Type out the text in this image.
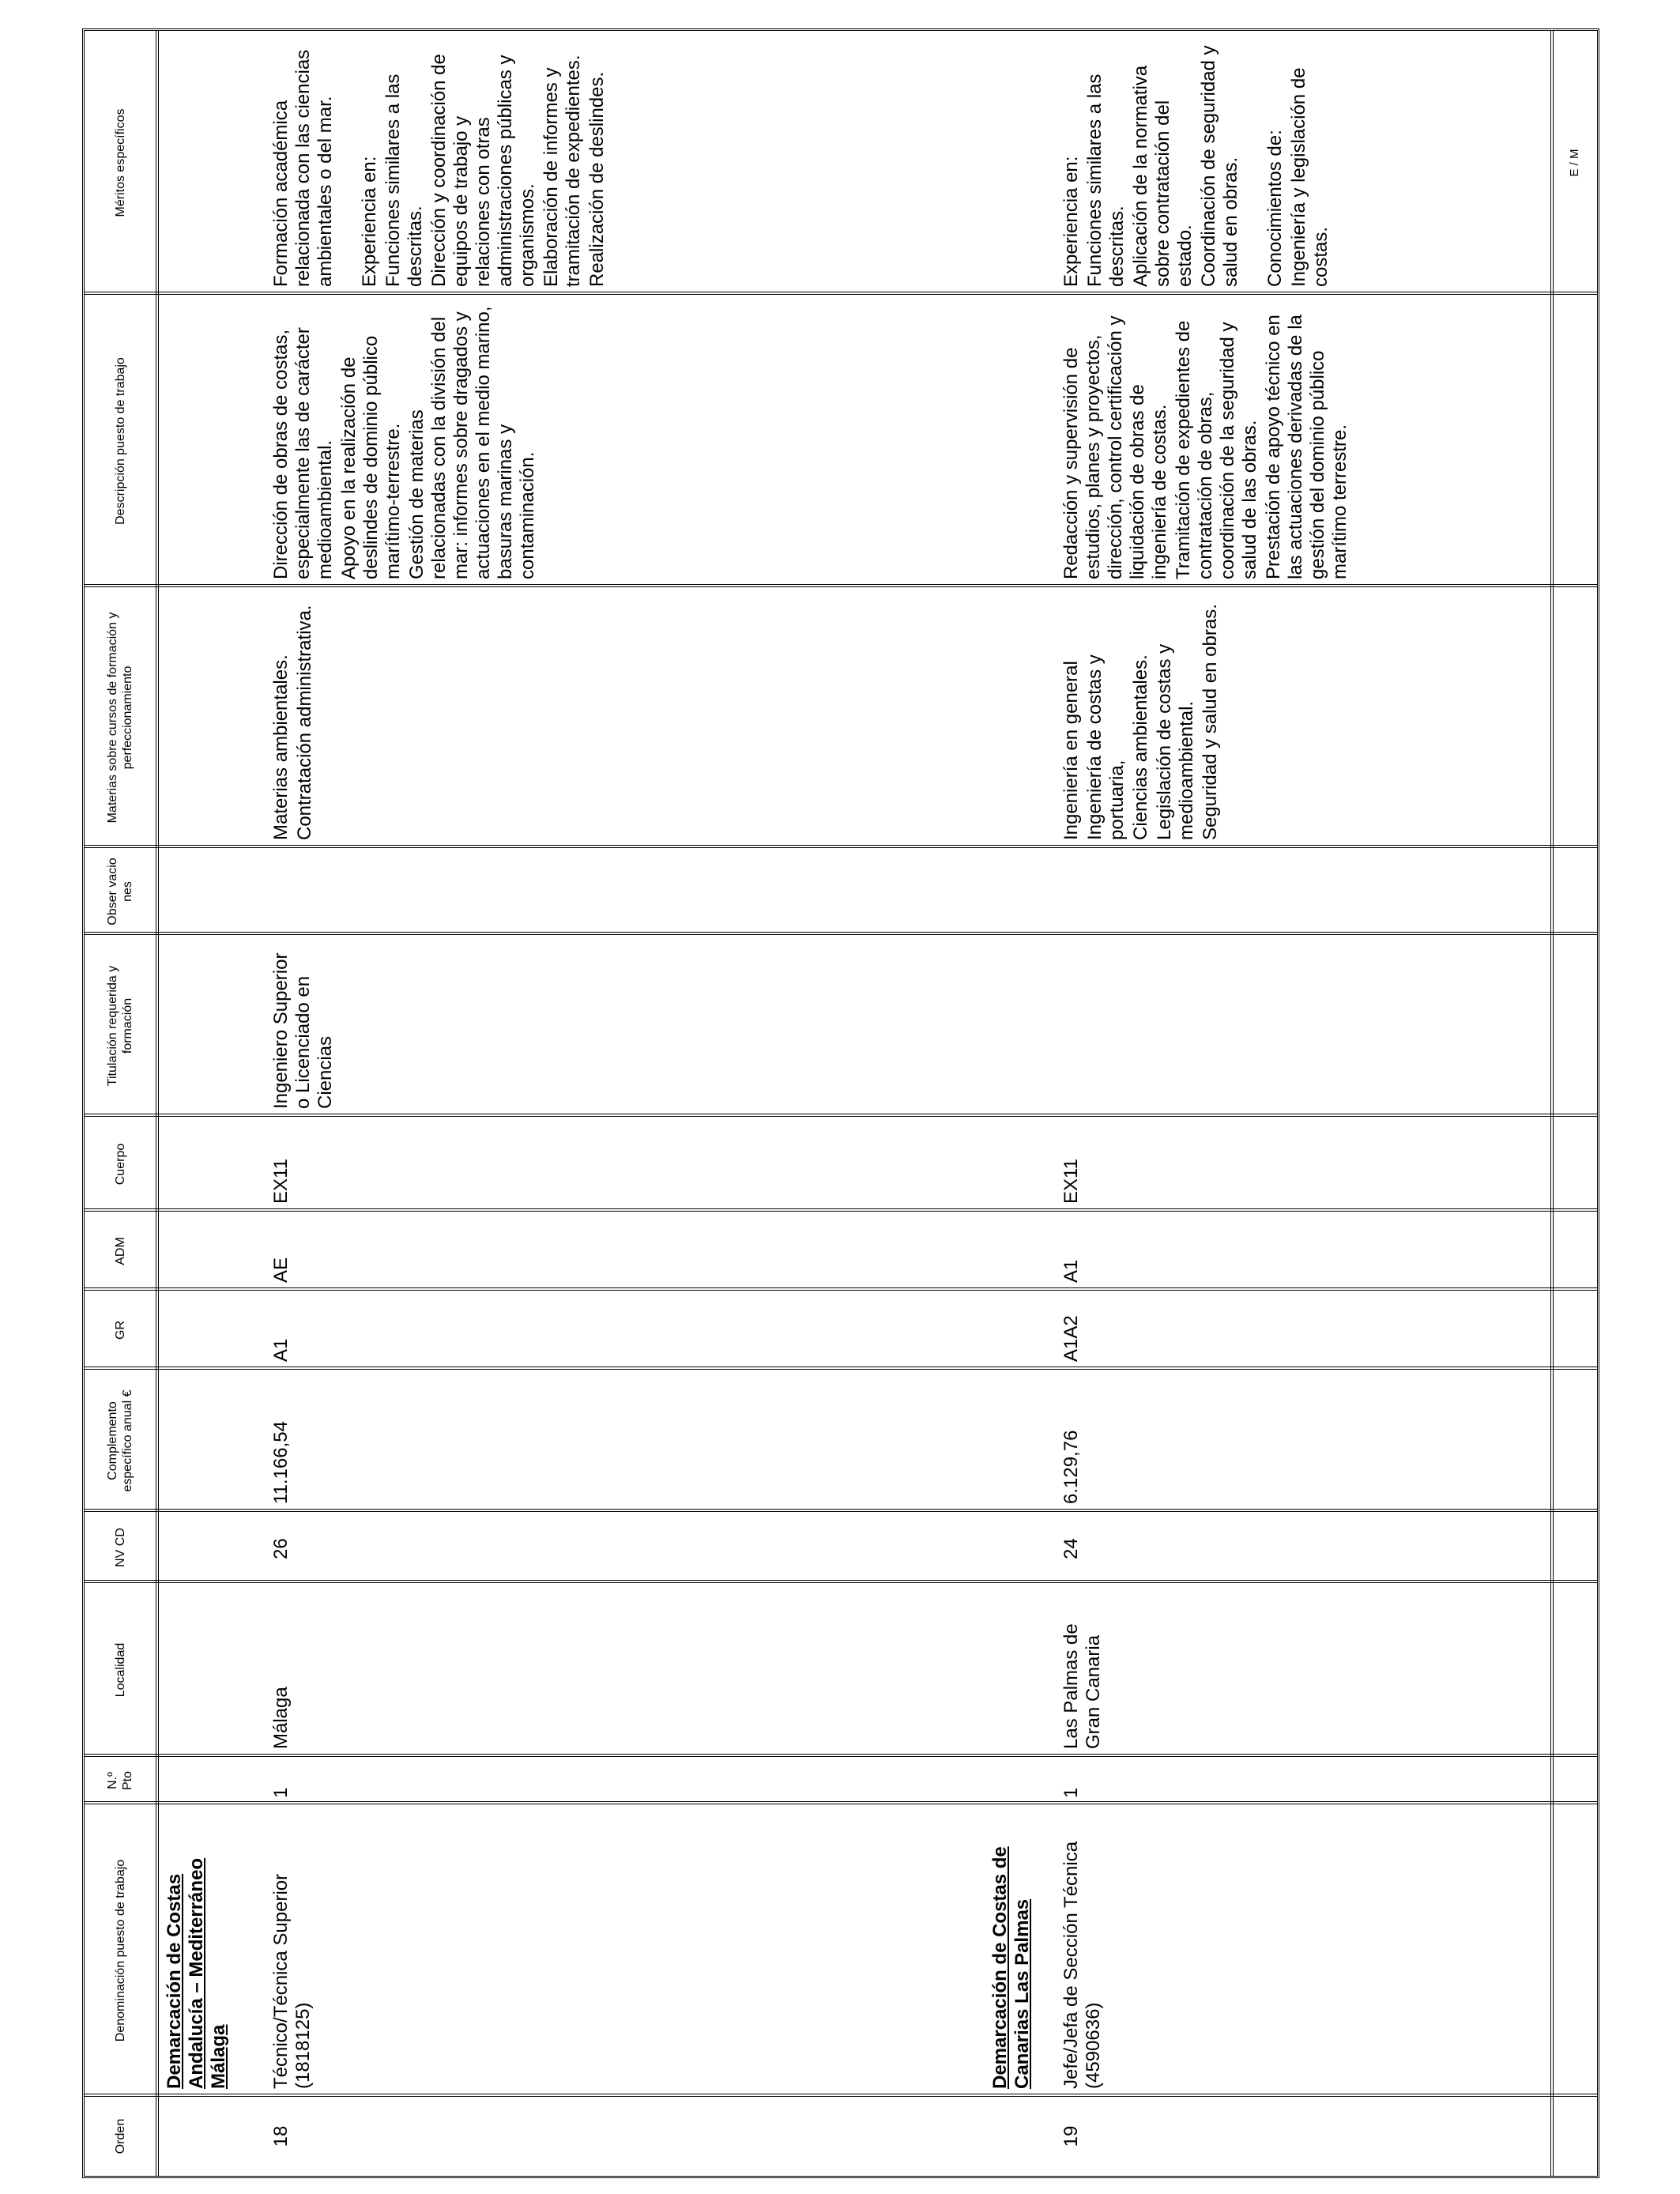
Orden
Denominación puesto de trabajo
N.º Pto
Localidad
NV CD
Complemento específico anual €
GR
ADM
Cuerpo
Titulación requerida y formación
Obser vacio nes
Materias sobre cursos de formación y perfeccionamiento
Descripción puesto de trabajo
Méritos específicos	E / M
Demarcación de Costas Andalucía – Mediterráneo Málaga
18
Técnico/Técnica Superior (1818125)
1
Málaga
26
11.166,54
A1
AE
EX11
Ingeniero Superior o Licenciado en Ciencias

Materias ambientales. Contratación administrativa.

Dirección de obras de costas, especialmente las de carácter medioambiental. Apoyo en la realización de deslindes de dominio público marítimo-terrestre. Gestión de materias relacionadas con la división del mar: informes sobre dragados y actuaciones en el medio marino, basuras marinas y contaminación.

Formación académica relacionada con las ciencias ambientales o del mar. Experiencia en: Funciones similares a las descritas. Dirección y coordinación de equipos de trabajo y relaciones con otras administraciones públicas y organismos. Elaboración de informes y tramitación de expedientes. Realización de deslindes.

Demarcación de Costas de Canarias Las Palmas
19
Jefe/Jefa de Sección Técnica (4590636)
1
Las Palmas de Gran Canaria
24
6.129,76
A1A2
A1
EX11

Ingeniería en general Ingeniería de costas y portuaria, Ciencias ambientales. Legislación de costas y medioambiental. Seguridad y salud en obras.

Redacción y supervisión de estudios, planes y proyectos, dirección, control certificación y liquidación de obras de ingeniería de costas. Tramitación de expedientes de contratación de obras, coordinación de la seguridad y salud de las obras. Prestación de apoyo técnico en las actuaciones derivadas de la gestión del dominio público marítimo terrestre.

Experiencia en: Funciones similares a las descritas. Aplicación de la normativa sobre contratación del estado. Coordinación de seguridad y salud en obras. Conocimientos de: Ingeniería y legislación de costas.
